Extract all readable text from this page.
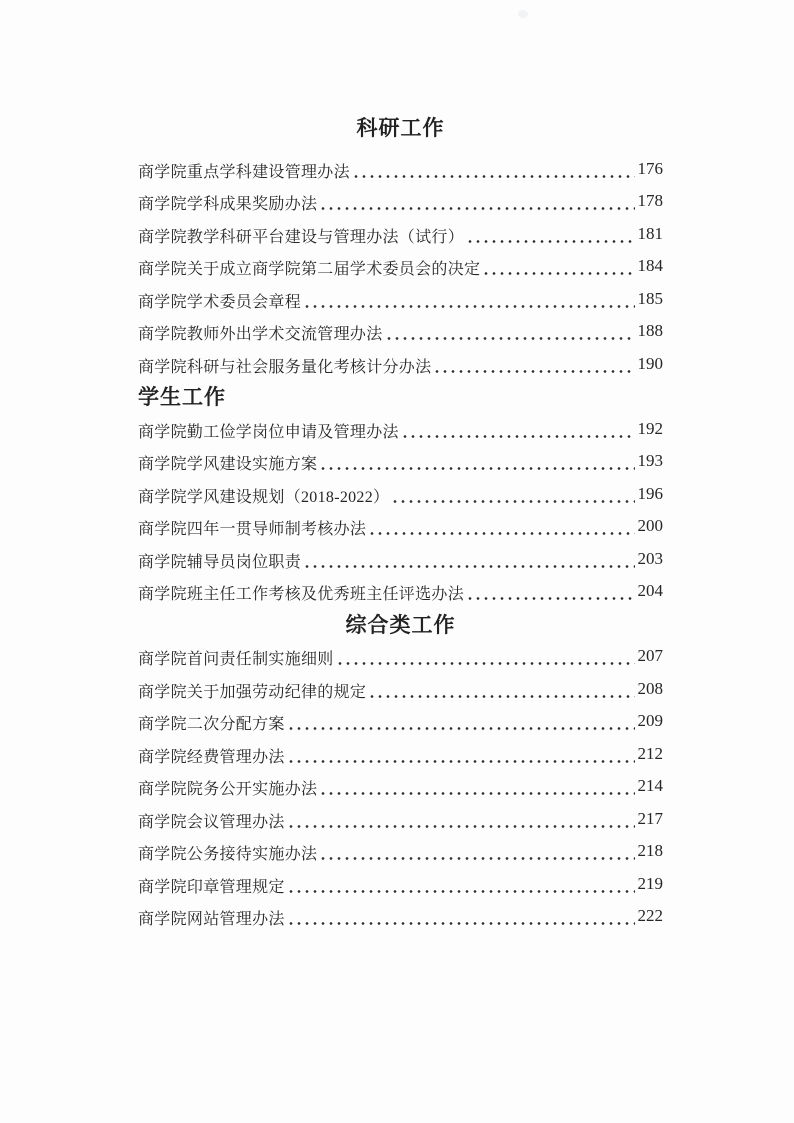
科研工作
商学院重点学科建设管理办法	176
商学院学科成果奖励办法	178
商学院教学科研平台建设与管理办法（试行）	181
商学院关于成立商学院第二届学术委员会的决定	184
商学院学术委员会章程	185
商学院教师外出学术交流管理办法	188
商学院科研与社会服务量化考核计分办法	190
学生工作
商学院勤工俭学岗位申请及管理办法	192
商学院学风建设实施方案	193
商学院学风建设规划（2018-2022）	196
商学院四年一贯导师制考核办法	200
商学院辅导员岗位职责	203
商学院班主任工作考核及优秀班主任评选办法	204
综合类工作
商学院首问责任制实施细则	207
商学院关于加强劳动纪律的规定	208
商学院二次分配方案	209
商学院经费管理办法	212
商学院院务公开实施办法	214
商学院会议管理办法	217
商学院公务接待实施办法	218
商学院印章管理规定	219
商学院网站管理办法	222
